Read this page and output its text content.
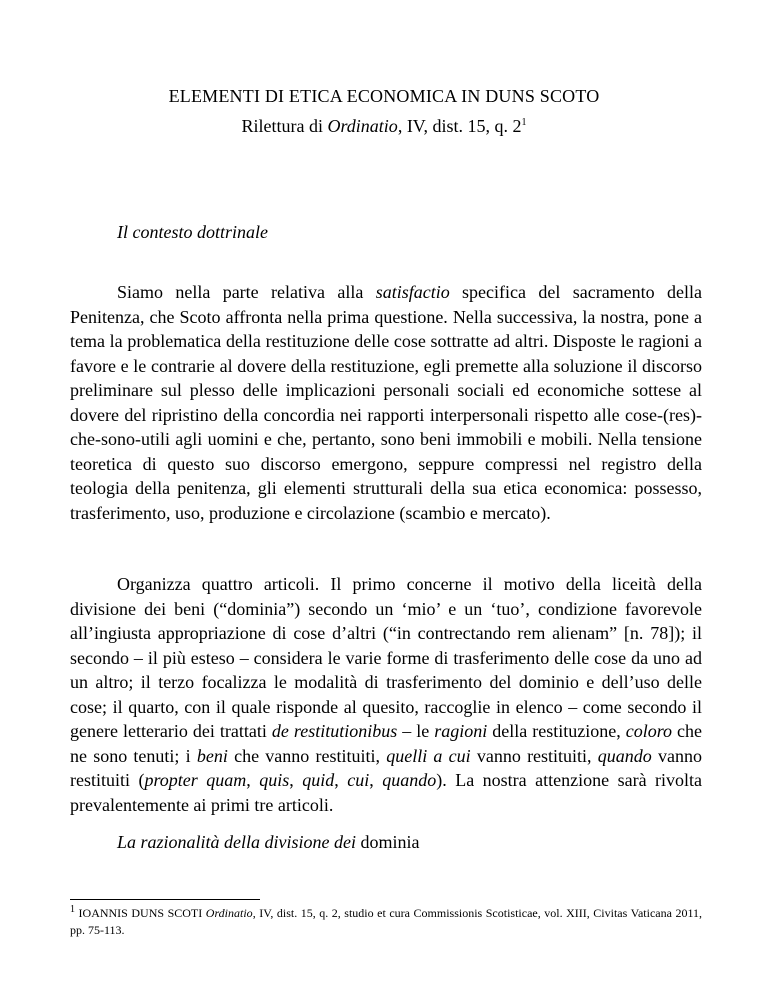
ELEMENTI DI ETICA ECONOMICA IN DUNS SCOTO
Rilettura di Ordinatio, IV, dist. 15, q. $2^1$
Il contesto dottrinale

Siamo nella parte relativa alla satisfactio specifica del sacramento della Penitenza, che Scoto affronta nella prima questione. Nella successiva, la nostra, pone a tema la problematica della restituzione delle cose sottratte ad altri. Disposte le ragioni a favore e le contrarie al dovere della restituzione, egli premette alla soluzione il discorso preliminare sul plesso delle implicazioni personali sociali ed economiche sottese al dovere del ripristino della concordia nei rapporti interpersonali rispetto alle cose-(res)-che-sono-utili agli uomini e che, pertanto, sono beni immobili e mobili. Nella tensione teoretica di questo suo discorso emergono, seppure compressi nel registro della teologia della penitenza, gli elementi strutturali della sua etica economica: possesso, trasferimento, uso, produzione e circolazione (scambio e mercato).

Organizza quattro articoli. Il primo concerne il motivo della liceità della divisione dei beni (“dominia”) secondo un ‘mio’ e un ‘tuo’, condizione favorevole all’ingiusta appropriazione di cose d’altri (“in contrectando rem alienam” [n. 78]); il secondo – il più esteso – considera le varie forme di trasferimento delle cose da uno ad un altro; il terzo focalizza le modalità di trasferimento del dominio e dell’uso delle cose; il quarto, con il quale risponde al quesito, raccoglie in elenco – come secondo il genere letterario dei trattati de restitutionibus – le ragioni della restituzione, coloro che ne sono tenuti; i beni che vanno restituiti, quelli a cui vanno restituiti, quando vanno restituiti (propter quam, quis, quid, cui, quando). La nostra attenzione sarà rivolta prevalentemente ai primi tre articoli.

La razionalità della divisione dei dominia

$^1$ IOANNIS DUNS SCOTI Ordinatio, IV, dist. 15, q. 2, studio et cura Commissionis Scotisticae, vol. XIII, Civitas Vaticana 2011, pp. 75-113.
